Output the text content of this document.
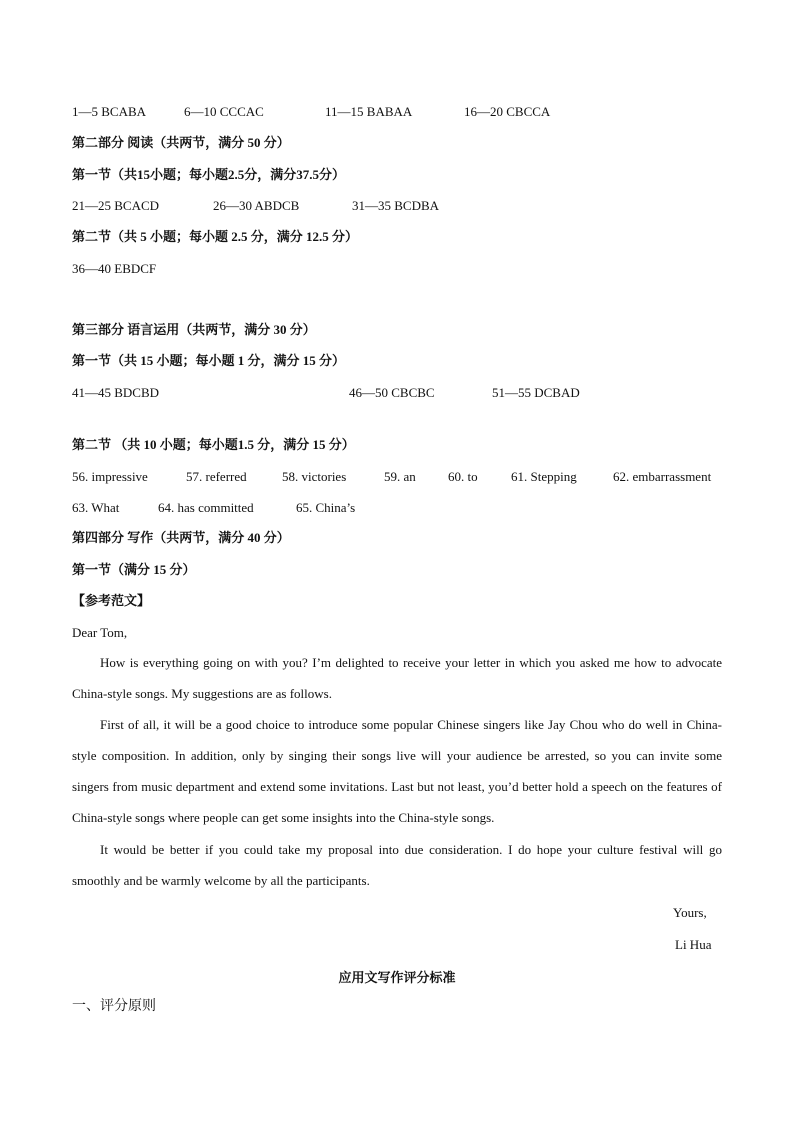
1—5 BCABA	6—10 CCCAC	11—15 BABAA	16—20 CBCCA
第二部分 阅读（共两节，满分 50 分）
第一节（共15小题；每小题2.5分，满分37.5分）
21—25 BCACD	26—30 ABDCB	31—35 BCDBA
第二节（共 5 小题；每小题 2.5 分，满分 12.5 分）
36—40 EBDCF
第三部分 语言运用（共两节，满分 30 分）
第一节（共 15 小题；每小题 1 分，满分 15 分）
41—45 BDCBD	46—50 CBCBC	51—55 DCBAD
第二节 （共 10 小题；每小题1.5 分，满分 15 分）
56. impressive	57. referred	58. victories	59. an 60. to	61. Stepping	62. embarrassment
63. What	64. has committed	65. China’s
第四部分 写作（共两节，满分 40 分）
第一节（满分 15 分）
【参考范文】
Dear Tom,
How is everything going on with you? I’m delighted to receive your letter in which you asked me how to advocate China-style songs. My suggestions are as follows.
First of all, it will be a good choice to introduce some popular Chinese singers like Jay Chou who do well in China-style composition. In addition, only by singing their songs live will your audience be arrested, so you can invite some singers from music department and extend some invitations. Last but not least, you’d better hold a speech on the features of China-style songs where people can get some insights into the China-style songs.
It would be better if you could take my proposal into due consideration. I do hope your culture festival will go smoothly and be warmly welcome by all the participants.
Yours,
Li Hua
应用文写作评分标准
一、评分原则
